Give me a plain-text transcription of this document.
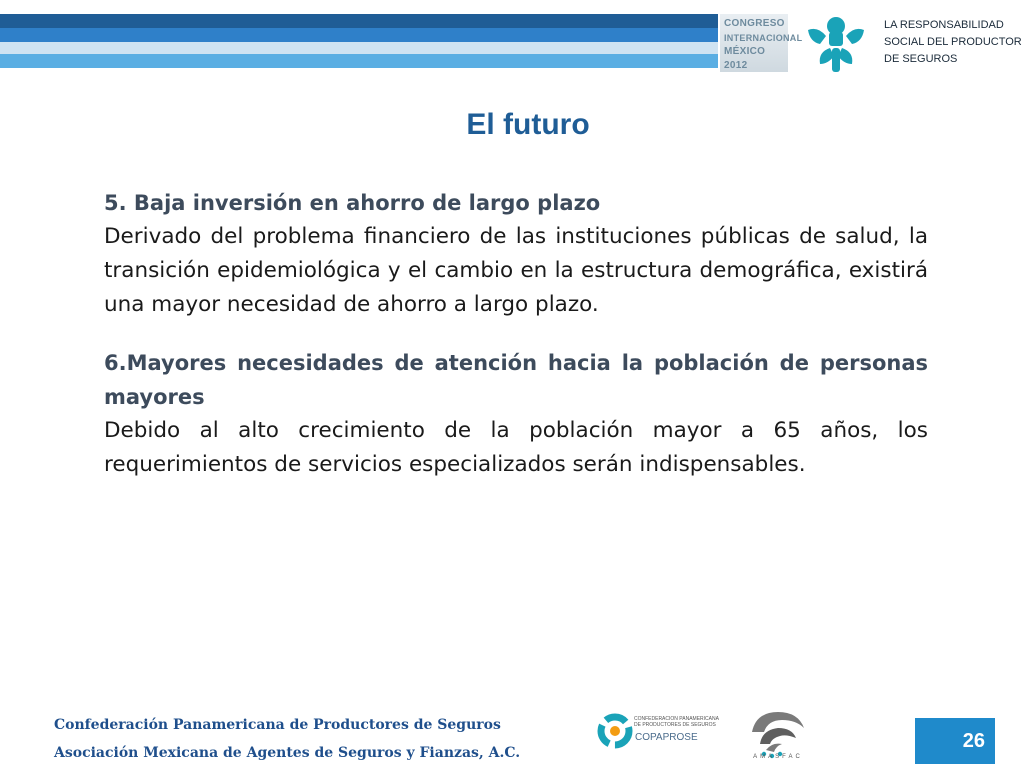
CONGRESO
INTERNACIONAL
MÉXICO 2012
LA RESPONSABILIDAD
SOCIAL DEL PRODUCTOR
DE SEGUROS
El futuro

5. Baja inversión en ahorro de largo plazo

Derivado del problema financiero de las instituciones públicas de salud, la transición epidemiológica y el cambio en la estructura demográfica, existirá una mayor necesidad de ahorro a largo plazo.

6.Mayores necesidades de atención hacia la población de personas mayores

Debido al alto crecimiento de la población mayor a 65 años, los requerimientos de servicios especializados serán indispensables.

Confederación Panamericana de Productores de Seguros
Asociación Mexicana de Agentes de Seguros y Fianzas, A.C.
CONFEDERACION PANAMERICANA DE PRODUCTORES DE SEGUROS
COPAPROSE
AMASFAC
26
